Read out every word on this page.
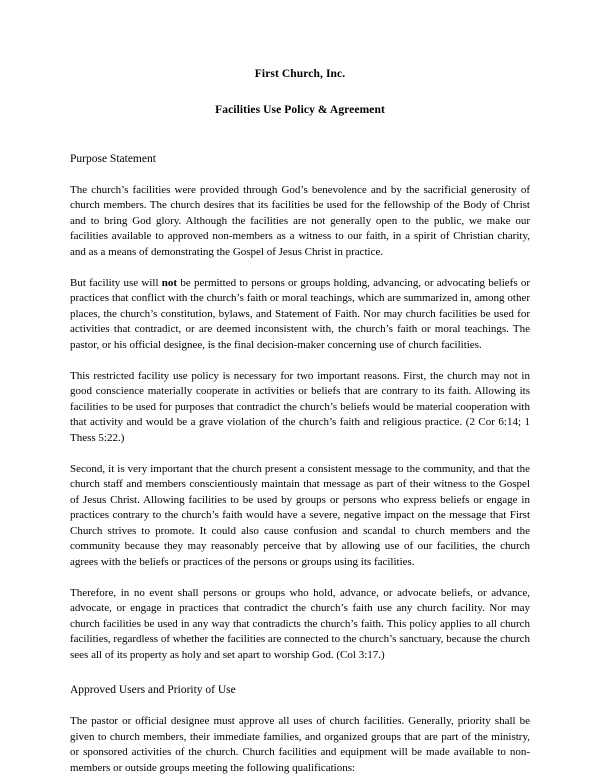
First Church, Inc.
Facilities Use Policy & Agreement
Purpose Statement

The church’s facilities were provided through God’s benevolence and by the sacrificial generosity of church members. The church desires that its facilities be used for the fellowship of the Body of Christ and to bring God glory. Although the facilities are not generally open to the public, we make our facilities available to approved non-members as a witness to our faith, in a spirit of Christian charity, and as a means of demonstrating the Gospel of Jesus Christ in practice.

But facility use will not be permitted to persons or groups holding, advancing, or advocating beliefs or practices that conflict with the church’s faith or moral teachings, which are summarized in, among other places, the church’s constitution, bylaws, and Statement of Faith. Nor may church facilities be used for activities that contradict, or are deemed inconsistent with, the church’s faith or moral teachings. The pastor, or his official designee, is the final decision-maker concerning use of church facilities.

This restricted facility use policy is necessary for two important reasons. First, the church may not in good conscience materially cooperate in activities or beliefs that are contrary to its faith. Allowing its facilities to be used for purposes that contradict the church’s beliefs would be material cooperation with that activity and would be a grave violation of the church’s faith and religious practice. (2 Cor 6:14; 1 Thess 5:22.)

Second, it is very important that the church present a consistent message to the community, and that the church staff and members conscientiously maintain that message as part of their witness to the Gospel of Jesus Christ. Allowing facilities to be used by groups or persons who express beliefs or engage in practices contrary to the church’s faith would have a severe, negative impact on the message that First Church strives to promote. It could also cause confusion and scandal to church members and the community because they may reasonably perceive that by allowing use of our facilities, the church agrees with the beliefs or practices of the persons or groups using its facilities.

Therefore, in no event shall persons or groups who hold, advance, or advocate beliefs, or advance, advocate, or engage in practices that contradict the church’s faith use any church facility. Nor may church facilities be used in any way that contradicts the church’s faith. This policy applies to all church facilities, regardless of whether the facilities are connected to the church’s sanctuary, because the church sees all of its property as holy and set apart to worship God. (Col 3:17.)

Approved Users and Priority of Use

The pastor or official designee must approve all uses of church facilities. Generally, priority shall be given to church members, their immediate families, and organized groups that are part of the ministry, or sponsored activities of the church. Church facilities and equipment will be made available to non-members or outside groups meeting the following qualifications:
